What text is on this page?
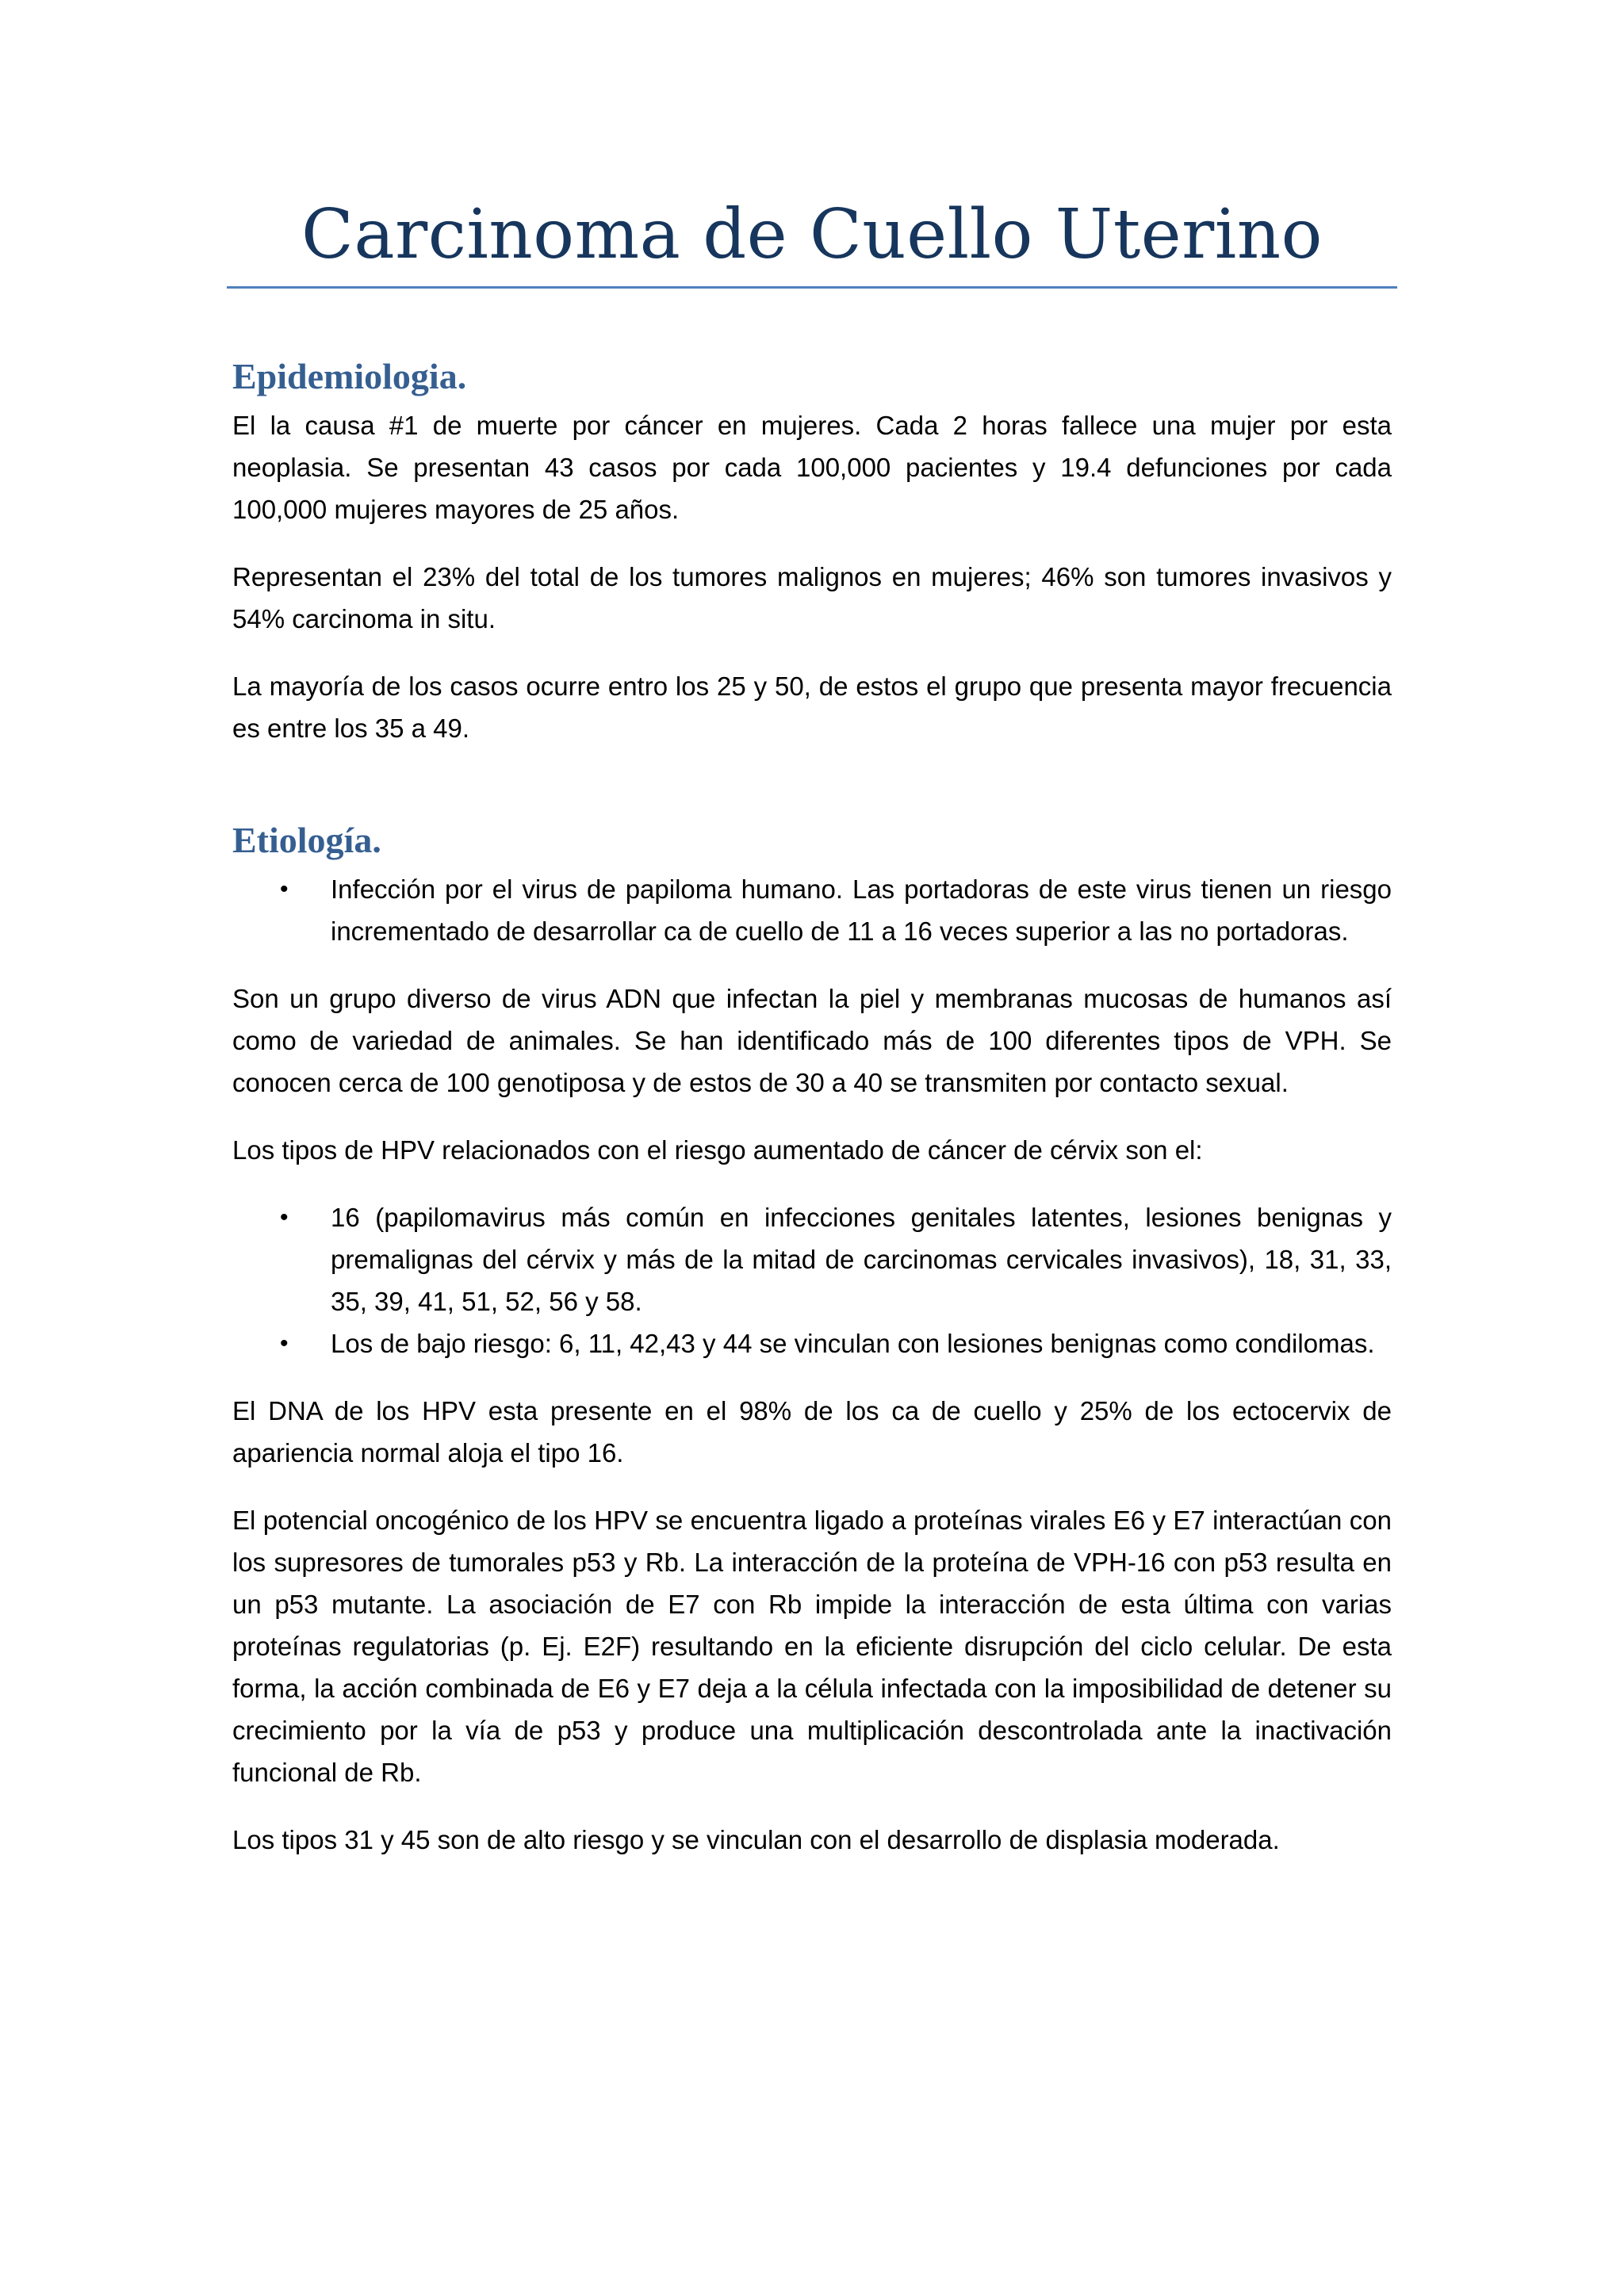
Carcinoma de Cuello Uterino
Epidemiologia.

El la causa #1 de muerte por cáncer en mujeres. Cada 2 horas fallece una mujer por esta neoplasia. Se presentan 43 casos por cada 100,000 pacientes y 19.4 defunciones por cada 100,000 mujeres mayores de 25 años.

Representan el 23% del total de los tumores malignos en mujeres; 46% son tumores invasivos y 54% carcinoma in situ.

La mayoría de los casos ocurre entro los 25 y 50, de estos el grupo que presenta mayor frecuencia es entre los 35 a 49.

Etiología.
• Infección por el virus de papiloma humano. Las portadoras de este virus tienen un riesgo incrementado de desarrollar ca de cuello de 11 a 16 veces superior a las no portadoras.

Son un grupo diverso de virus ADN que infectan la piel y membranas mucosas de humanos así como de variedad de animales. Se han identificado más de 100 diferentes tipos de VPH. Se conocen cerca de 100 genotiposa y de estos de 30 a 40 se transmiten por contacto sexual.

Los tipos de HPV relacionados con el riesgo aumentado de cáncer de cérvix son el:

• 16 (papilomavirus más común en infecciones genitales latentes, lesiones benignas y premalignas del cérvix y más de la mitad de carcinomas cervicales invasivos), 18, 31, 33, 35, 39, 41, 51, 52, 56 y 58.
• Los de bajo riesgo: 6, 11, 42,43 y 44 se vinculan con lesiones benignas como condilomas.

El DNA de los HPV esta presente en el 98% de los ca de cuello y 25% de los ectocervix de apariencia normal aloja el tipo 16.

El potencial oncogénico de los HPV se encuentra ligado a proteínas virales E6 y E7 interactúan con los supresores de tumorales p53 y Rb. La interacción de la proteína de VPH-16 con p53 resulta en un p53 mutante. La asociación de E7 con Rb impide la interacción de esta última con varias proteínas regulatorias (p. Ej. E2F) resultando en la eficiente disrupción del ciclo celular. De esta forma, la acción combinada de E6 y E7 deja a la célula infectada con la imposibilidad de detener su crecimiento por la vía de p53 y produce una multiplicación descontrolada ante la inactivación funcional de Rb.

Los tipos 31 y 45 son de alto riesgo y se vinculan con el desarrollo de displasia moderada.
